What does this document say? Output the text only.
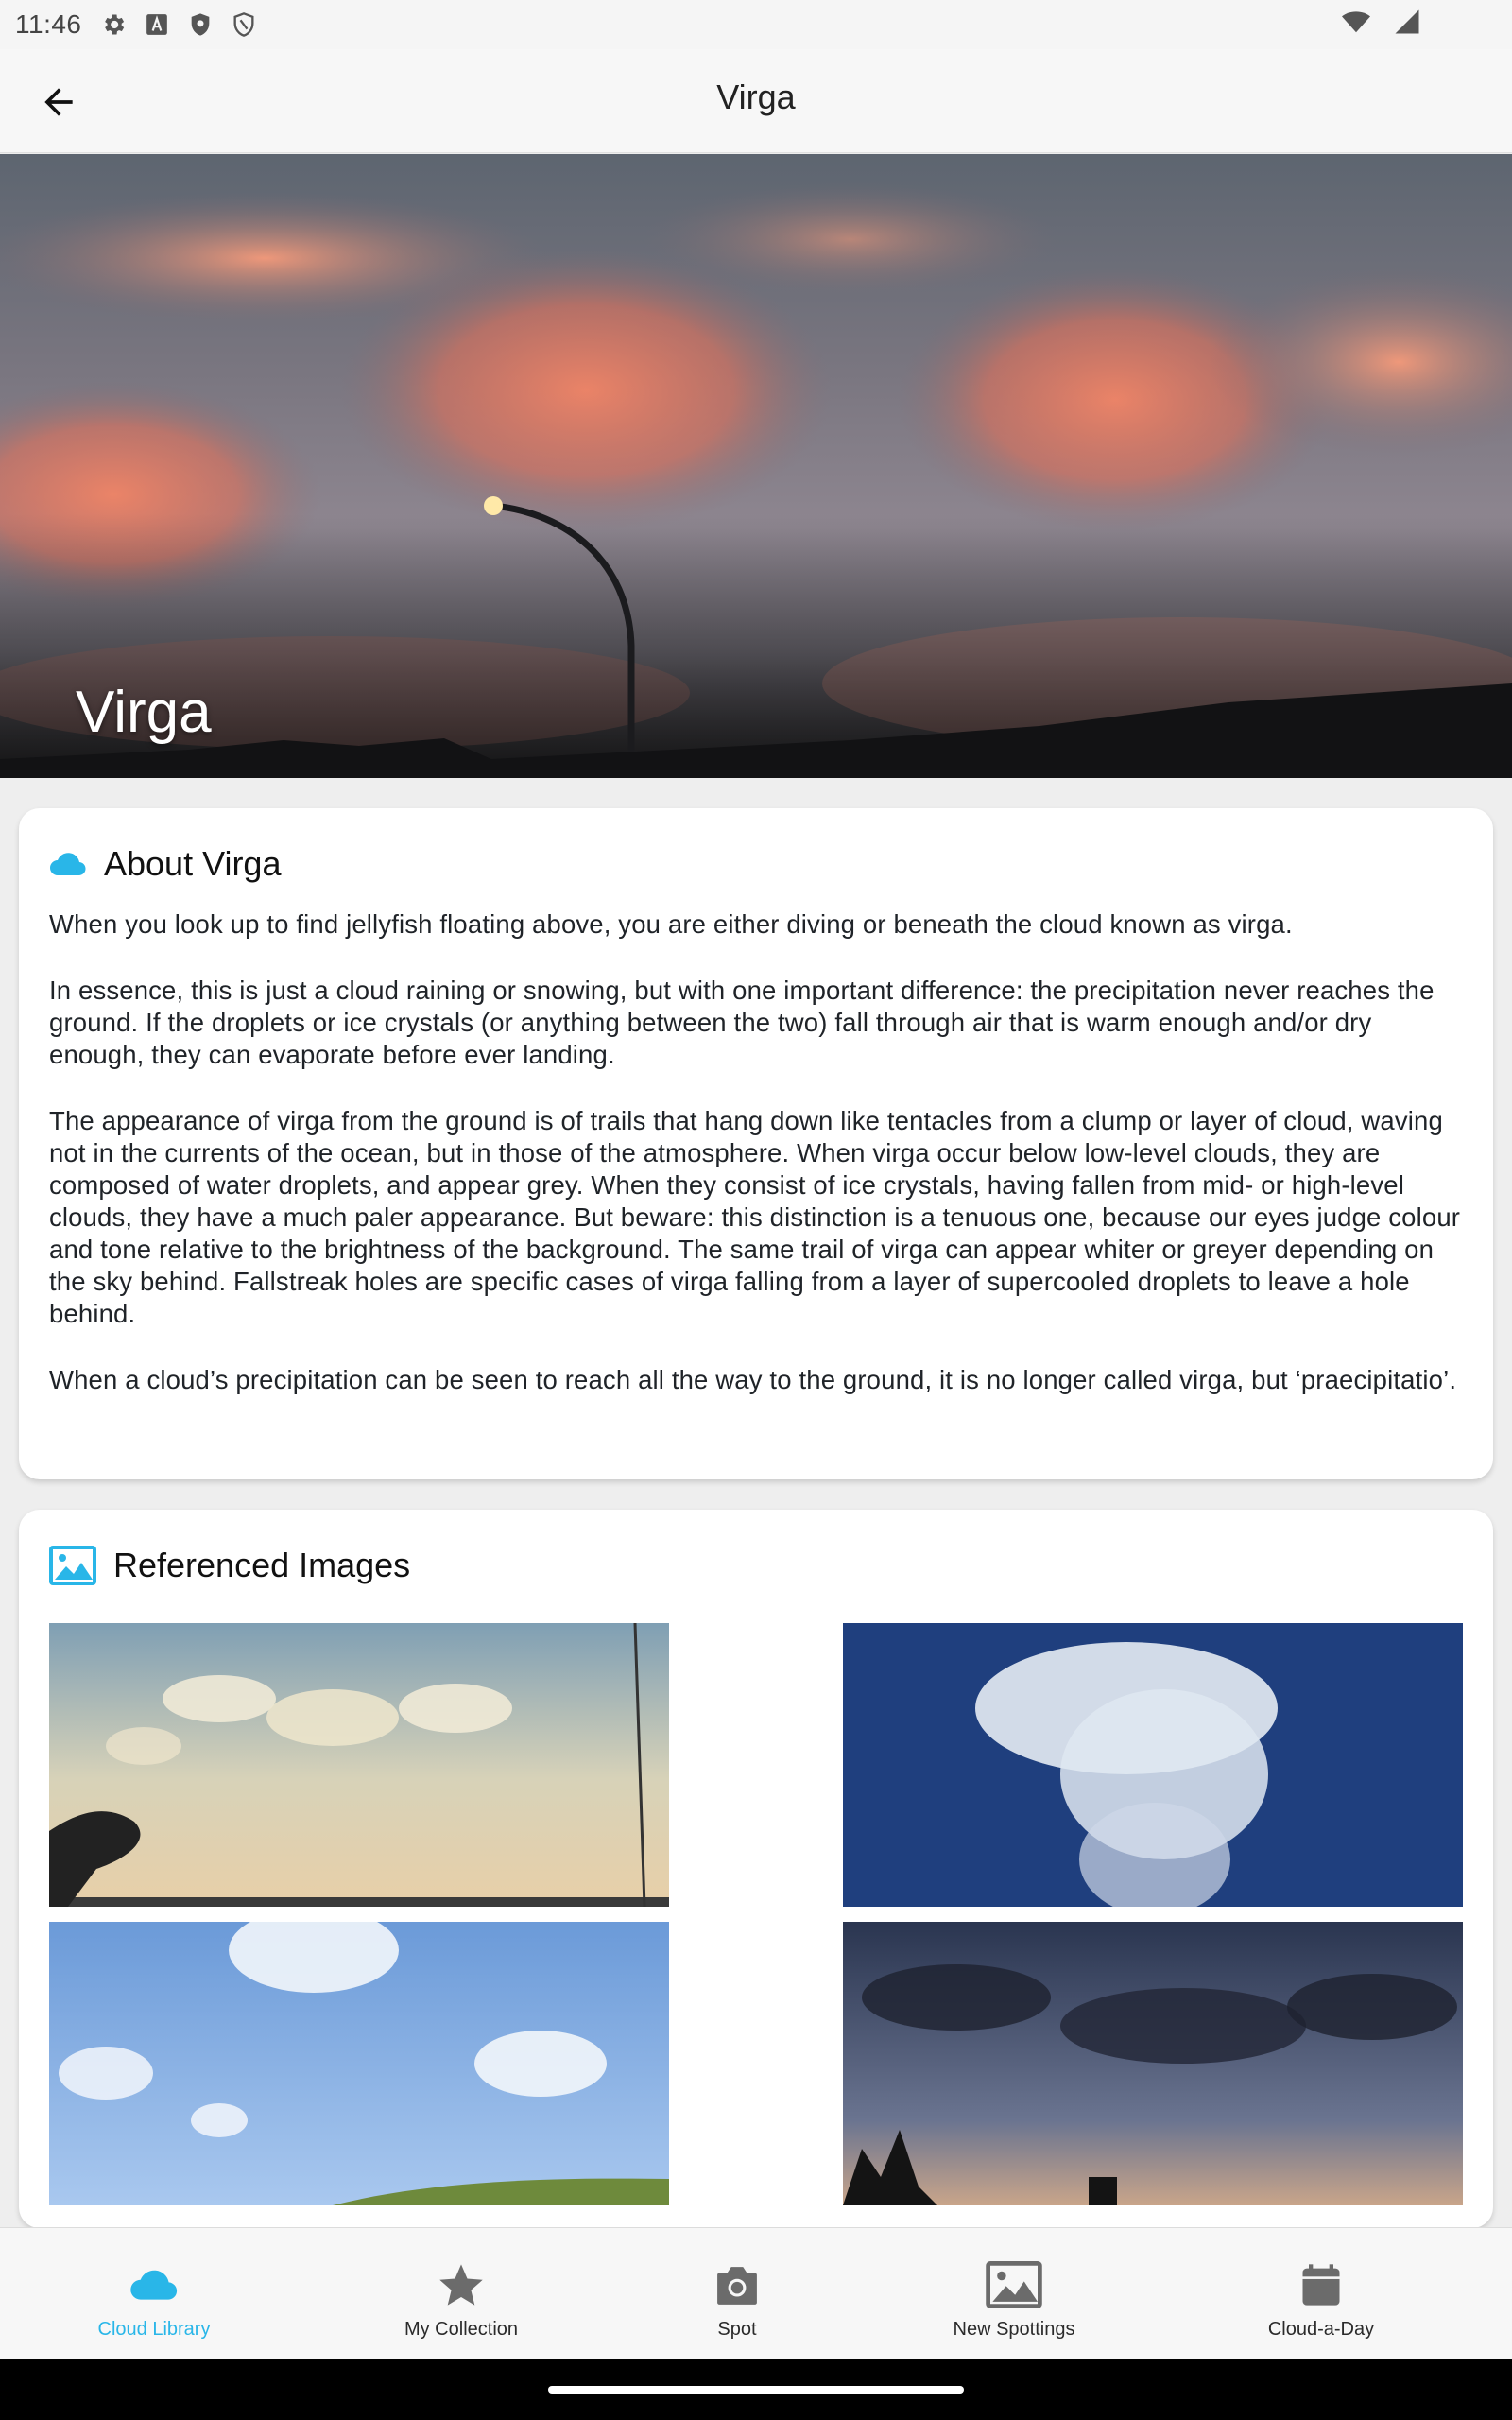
11:46
Virga
Virga
About Virga

When you look up to find jellyfish floating above, you are either diving or beneath the cloud known as virga.

In essence, this is just a cloud raining or snowing, but with one important difference: the precipitation never reaches the ground. If the droplets or ice crystals (or anything between the two) fall through air that is warm enough and/or dry enough, they can evaporate before ever landing.

The appearance of virga from the ground is of trails that hang down like tentacles from a clump or layer of cloud, waving not in the currents of the ocean, but in those of the atmosphere. When virga occur below low-level clouds, they are composed of water droplets, and appear grey. When they consist of ice crystals, having fallen from mid- or high-level clouds, they have a much paler appearance. But beware: this distinction is a tenuous one, because our eyes judge colour and tone relative to the brightness of the background. The same trail of virga can appear whiter or greyer depending on the sky behind. Fallstreak holes are specific cases of virga falling from a layer of supercooled droplets to leave a hole behind.

When a cloud’s precipitation can be seen to reach all the way to the ground, it is no longer called virga, but ‘praecipitatio’.

Referenced Images
Cloud Library	My Collection	Spot	New Spottings	Cloud-a-Day
